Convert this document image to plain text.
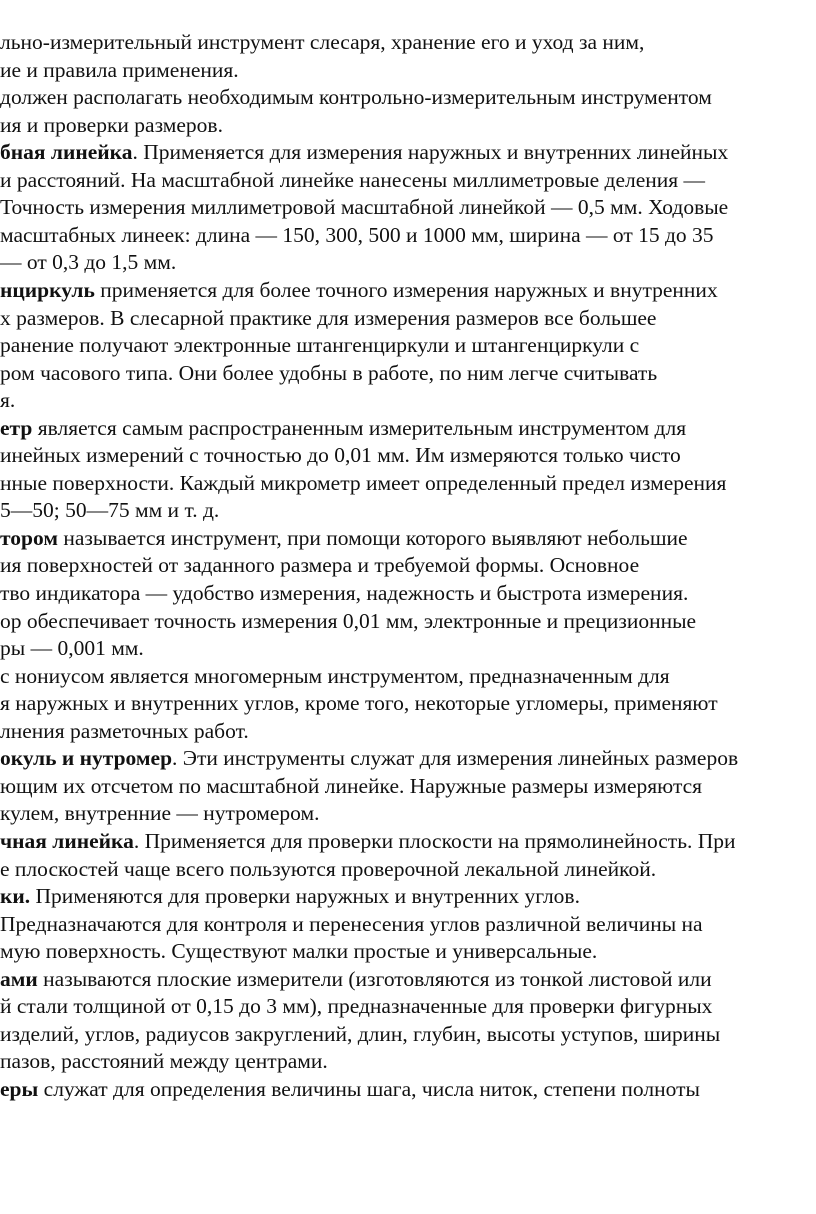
льно-измерительный инструмент слесаря, хранение его и уход за ним,
ие и правила применения.
должен располагать необходимым контрольно-измерительным инструментом
ия и проверки размеров.
бная линейка. Применяется для измерения наружных и внутренних линейных
и расстояний. На масштабной линейке нанесены миллиметровые деления —
Точность измерения миллиметровой масштабной линейкой — 0,5 мм. Ходовые
масштабных линеек: длина — 150, 300, 500 и 1000 мм, ширина — от 15 до 35
— от 0,3 до 1,5 мм.
нциркуль применяется для более точного измерения наружных и внутренних
х размеров. В слесарной практике для измерения размеров все большее
ранение получают электронные штангенциркули и штангенциркули с
ром часового типа. Они более удобны в работе, по ним легче считывать
я.
етр является самым распространенным измерительным инструментом для
инейных измерений с точностью до 0,01 мм. Им измеряются только чисто
нные поверхности. Каждый микрометр имеет определенный предел измерения
5—50; 50—75 мм и т. д.
тором называется инструмент, при помощи которого выявляют небольшие
ия поверхностей от заданного размера и требуемой формы. Основное
тво индикатора — удобство измерения, надежность и быстрота измерения.
ор обеспечивает точность измерения 0,01 мм, электронные и прецизионные
ры — 0,001 мм.
с нониусом является многомерным инструментом, предназначенным для
я наружных и внутренних углов, кроме того, некоторые угломеры, применяют
лнения разметочных работ.
окуль и нутромер. Эти инструменты служат для измерения линейных размеров
ющим их отсчетом по масштабной линейке. Наружные размеры измеряются
кулем, внутренние — нутромером.
чная линейка. Применяется для проверки плоскости на прямолинейность. При
е плоскостей чаще всего пользуются проверочной лекальной линейкой.
ки. Применяются для проверки наружных и внутренних углов.
Предназначаются для контроля и перенесения углов различной величины на
мую поверхность. Существуют малки простые и универсальные.
ами называются плоские измерители (изготовляются из тонкой листовой или
й стали толщиной от 0,15 до 3 мм), предназначенные для проверки фигурных
изделий, углов, радиусов закруглений, длин, глубин, высоты уступов, ширины
пазов, расстояний между центрами.
еры служат для определения величины шага, числа ниток, степени полноты
